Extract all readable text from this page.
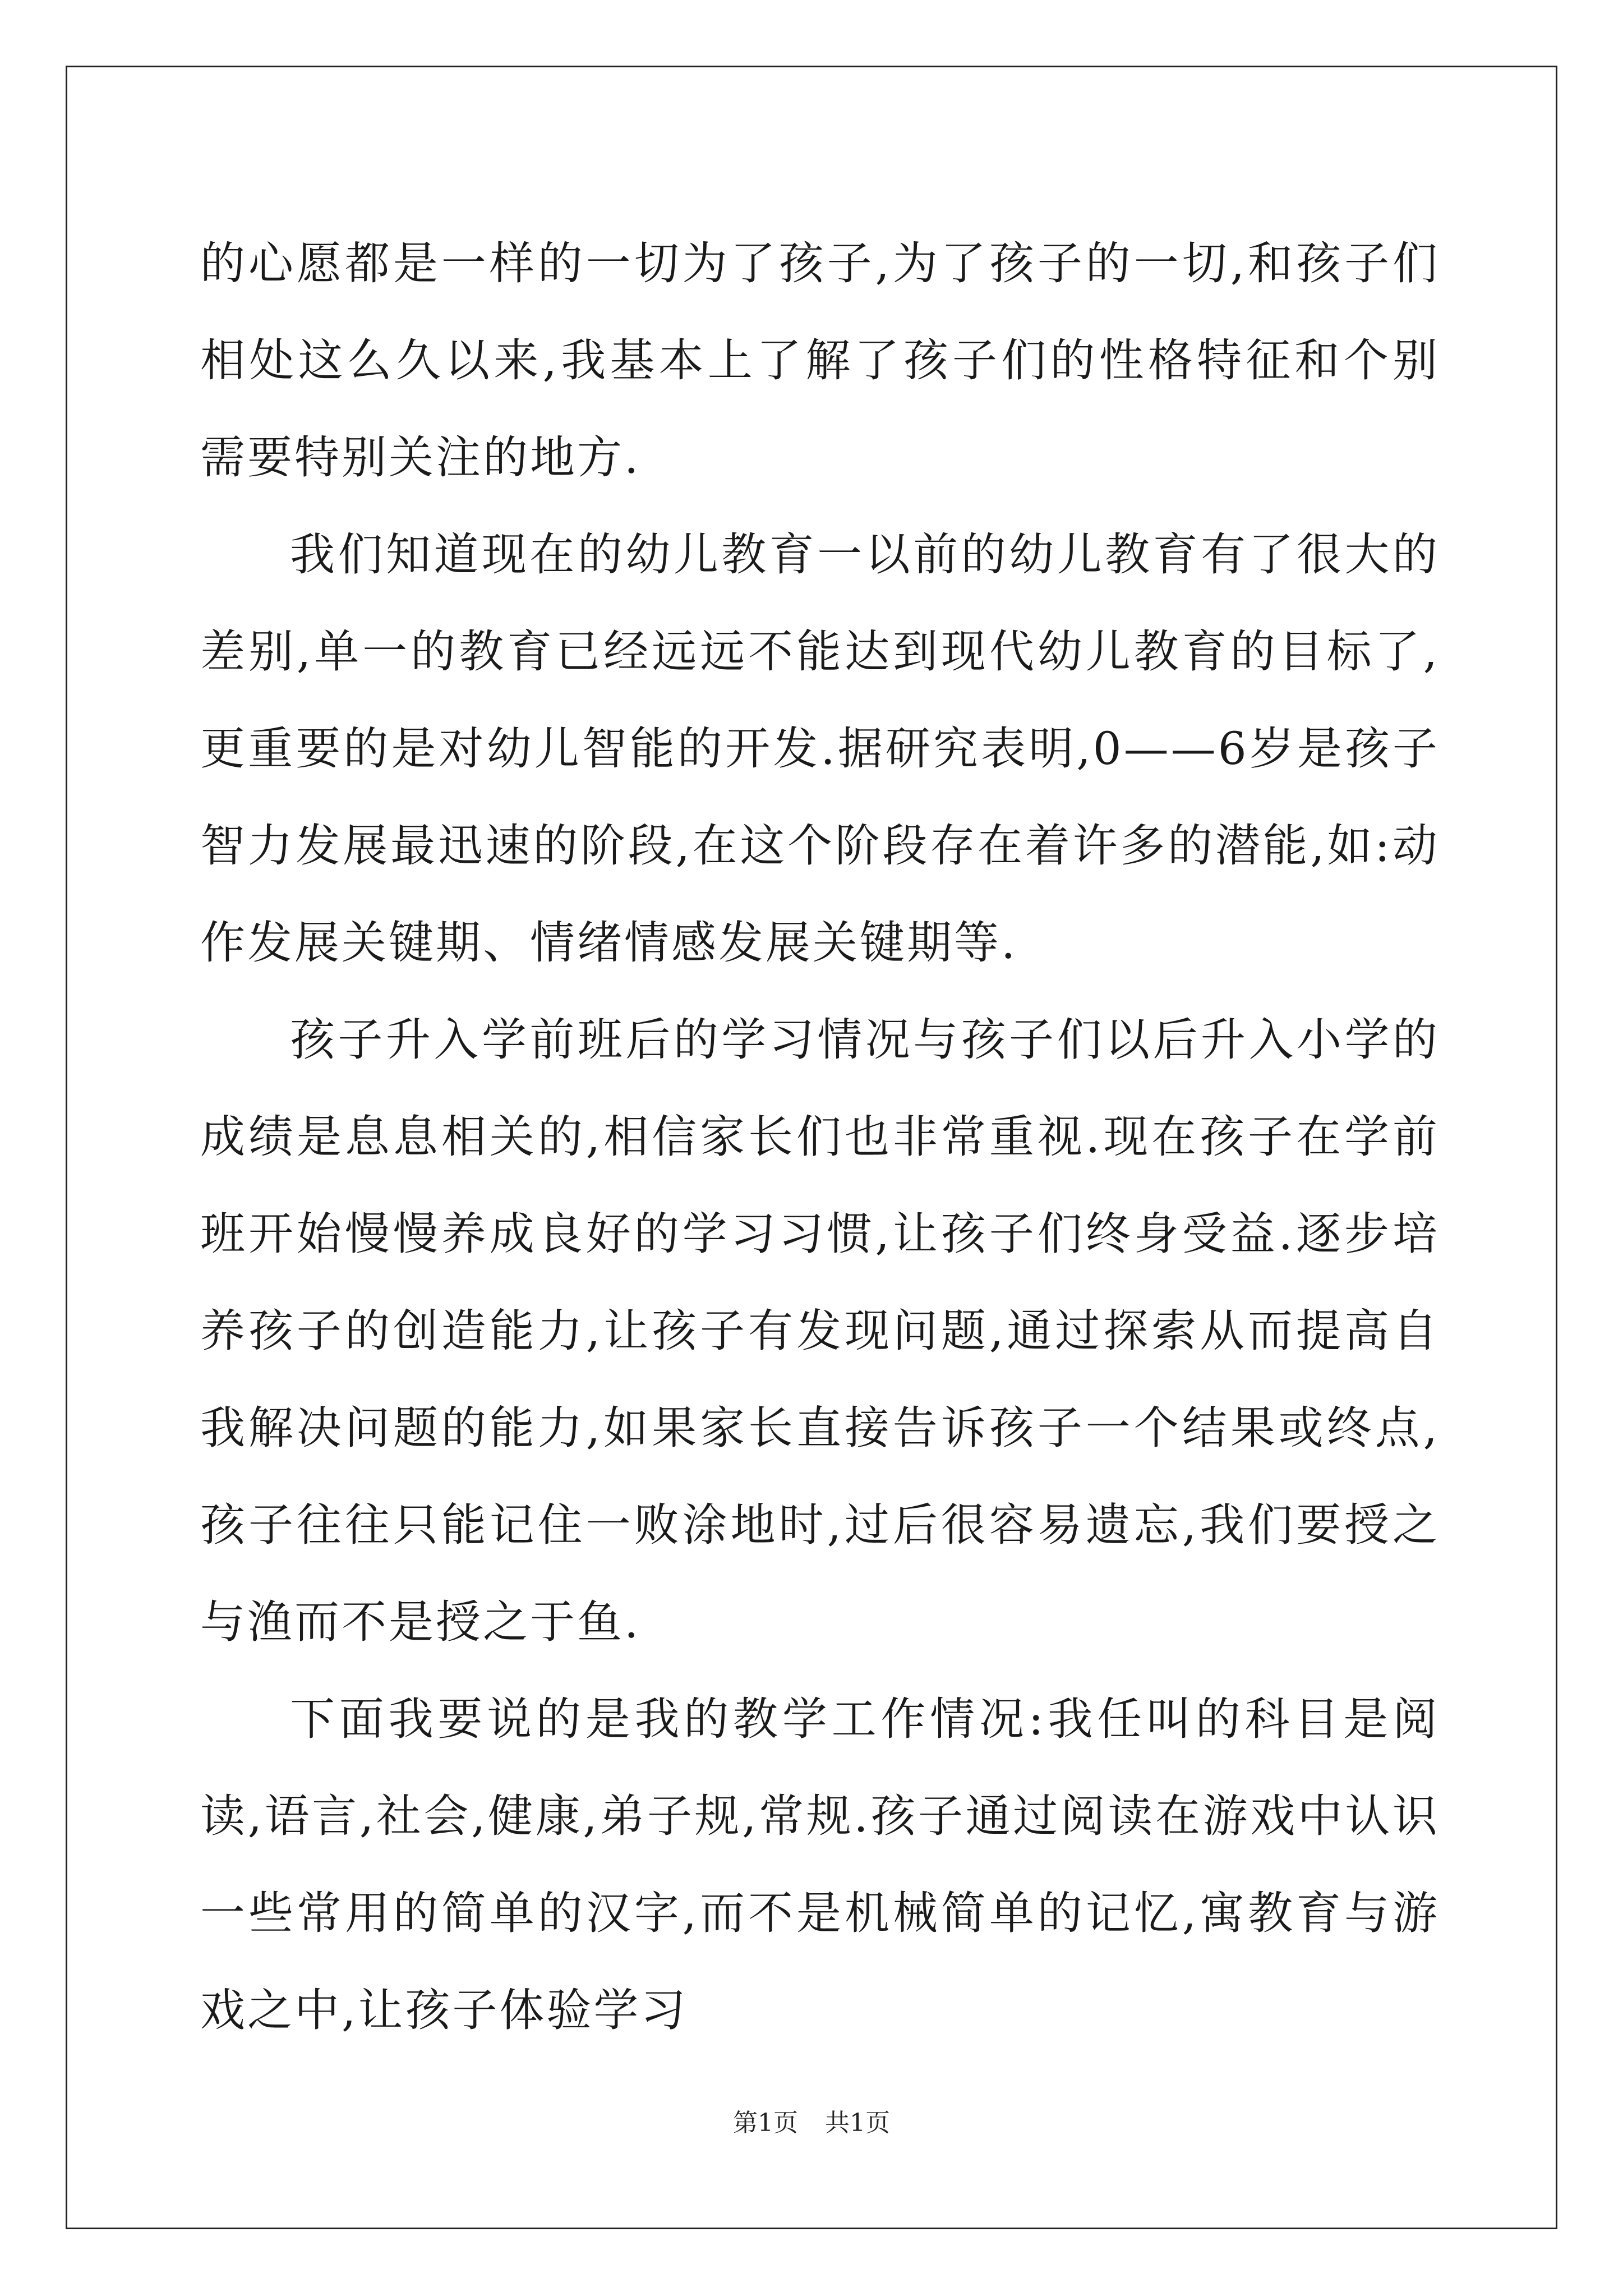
的心愿都是一样的一切为了孩子,为了孩子的一切,和孩子们相处这么久以来,我基本上了解了孩子们的性格特征和个别需要特别关注的地方.

我们知道现在的幼儿教育一以前的幼儿教育有了很大的差别,单一的教育已经远远不能达到现代幼儿教育的目标了,更重要的是对幼儿智能的开发.据研究表明,0——6岁是孩子智力发展最迅速的阶段,在这个阶段存在着许多的潜能,如:动作发展关键期、情绪情感发展关键期等.

孩子升入学前班后的学习情况与孩子们以后升入小学的成绩是息息相关的,相信家长们也非常重视.现在孩子在学前班开始慢慢养成良好的学习习惯,让孩子们终身受益.逐步培养孩子的创造能力,让孩子有发现问题,通过探索从而提高自我解决问题的能力,如果家长直接告诉孩子一个结果或终点,孩子往往只能记住一败涂地时,过后很容易遗忘,我们要授之与渔而不是授之于鱼.

下面我要说的是我的教学工作情况:我任叫的科目是阅读,语言,社会,健康,弟子规,常规.孩子通过阅读在游戏中认识一些常用的简单的汉字,而不是机械简单的记忆,寓教育与游戏之中,让孩子体验学习

第1页 共1页
